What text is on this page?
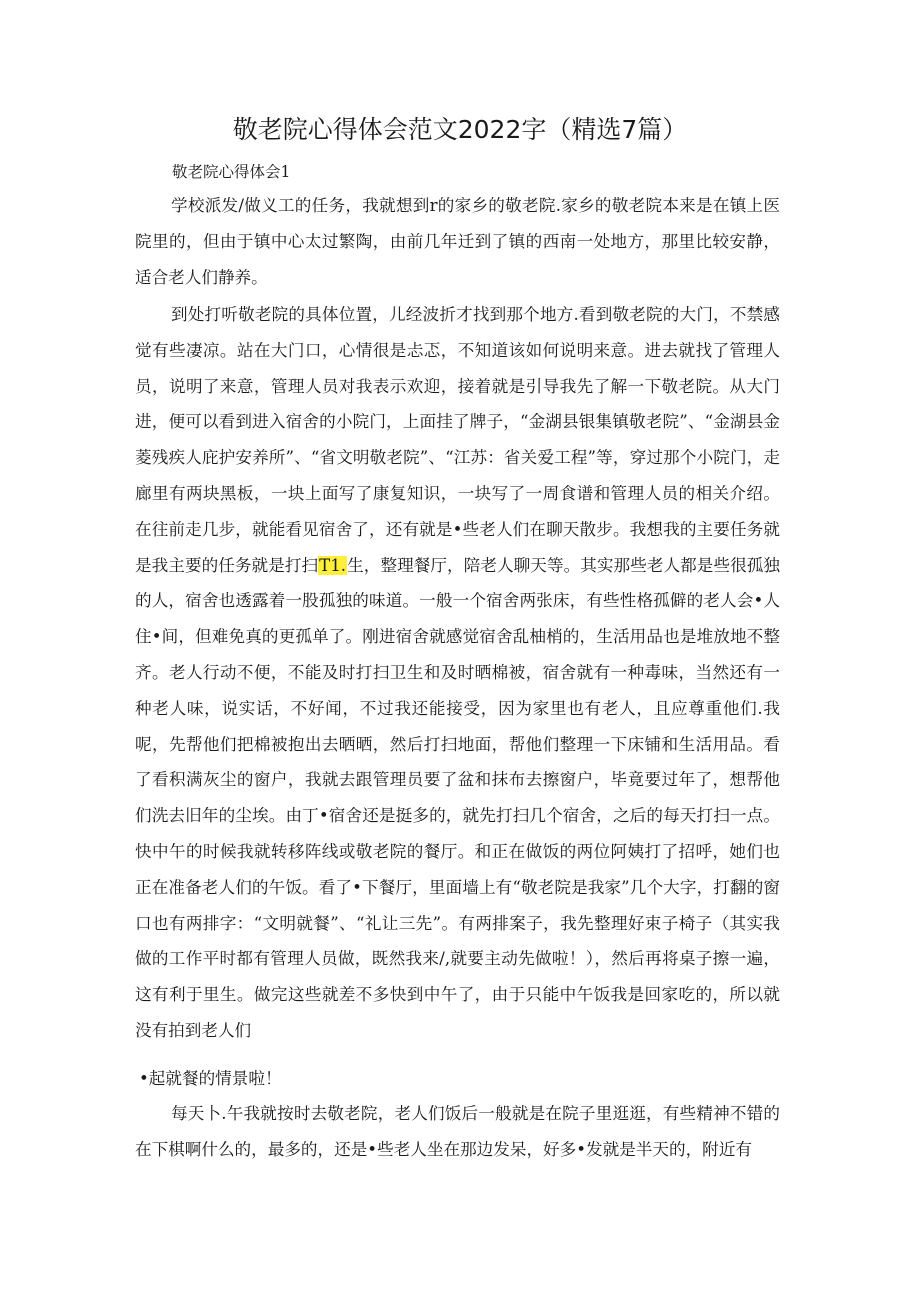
敬老院心得体会范文2022字（精选7篇）

敬老院心得体会1

学校派发/做义工的任务，我就想到r的家乡的敬老院.家乡的敬老院本来是在镇上医院里的，但由于镇中心太过繁陶，由前几年迁到了镇的西南一处地方，那里比较安静，适合老人们静养。

到处打听敬老院的具体位置，儿经波折才找到那个地方.看到敬老院的大门，不禁感觉有些凄凉。站在大门口，心情很是忐忑，不知道该如何说明来意。进去就找了管理人员，说明了来意，管理人员对我表示欢迎，接着就是引导我先了解一下敬老院。从大门进，便可以看到进入宿舍的小院门，上面挂了牌子，“金湖县银集镇敬老院”、“金湖县金菱残疾人庇护安养所”、“省文明敬老院”、“江苏：省关爱工程”等，穿过那个小院门，走廊里有两块黑板，一块上面写了康复知识，一块写了一周食谱和管理人员的相关介绍。在往前走几步，就能看见宿舍了，还有就是•些老人们在聊天散步。我想我的主要任务就是我主要的任务就是打扫T1.生，整理餐厅，陪老人聊天等。其实那些老人都是些很孤独的人，宿舍也透露着一股孤独的味道。一般一个宿舍两张床，有些性格孤僻的老人会•人住•间，但难免真的更孤单了。刚进宿舍就感觉宿舍乱柚梢的，生活用品也是堆放地不整齐。老人行动不便，不能及时打扫卫生和及时晒棉被，宿舍就有一种毒味，当然还有一种老人味，说实话，不好闻，不过我还能接受，因为家里也有老人，且应尊重他们.我呢，先帮他们把棉被抱出去晒晒，然后打扫地面，帮他们整理一下床铺和生活用品。看了看积满灰尘的窗户，我就去跟管理员要了盆和抹布去擦窗户，毕竟要过年了，想帮他们洗去旧年的尘埃。由丁•宿舍还是挺多的，就先打扫几个宿舍，之后的每天打扫一点。快中午的时候我就转移阵线或敬老院的餐厅。和正在做饭的两位阿姨打了招呼，她们也正在准备老人们的午饭。看了•下餐厅，里面墙上有“敬老院是我家”几个大字，打翻的窗口也有两排字：“文明就餐”、“礼让三先”。有两排案子，我先整理好束子椅子（其实我做的工作平时都有管理人员做，既然我来/,就要主动先做啦！），然后再将桌子擦一遍，这有利于里生。做完这些就差不多快到中午了，由于只能中午饭我是回家吃的，所以就没有拍到老人们

•起就餐的情景啦！

每天卜.午我就按时去敬老院，老人们饭后一般就是在院子里逛逛，有些精神不错的在下棋啊什么的，最多的，还是•些老人坐在那边发呆，好多•发就是半天的，附近有
